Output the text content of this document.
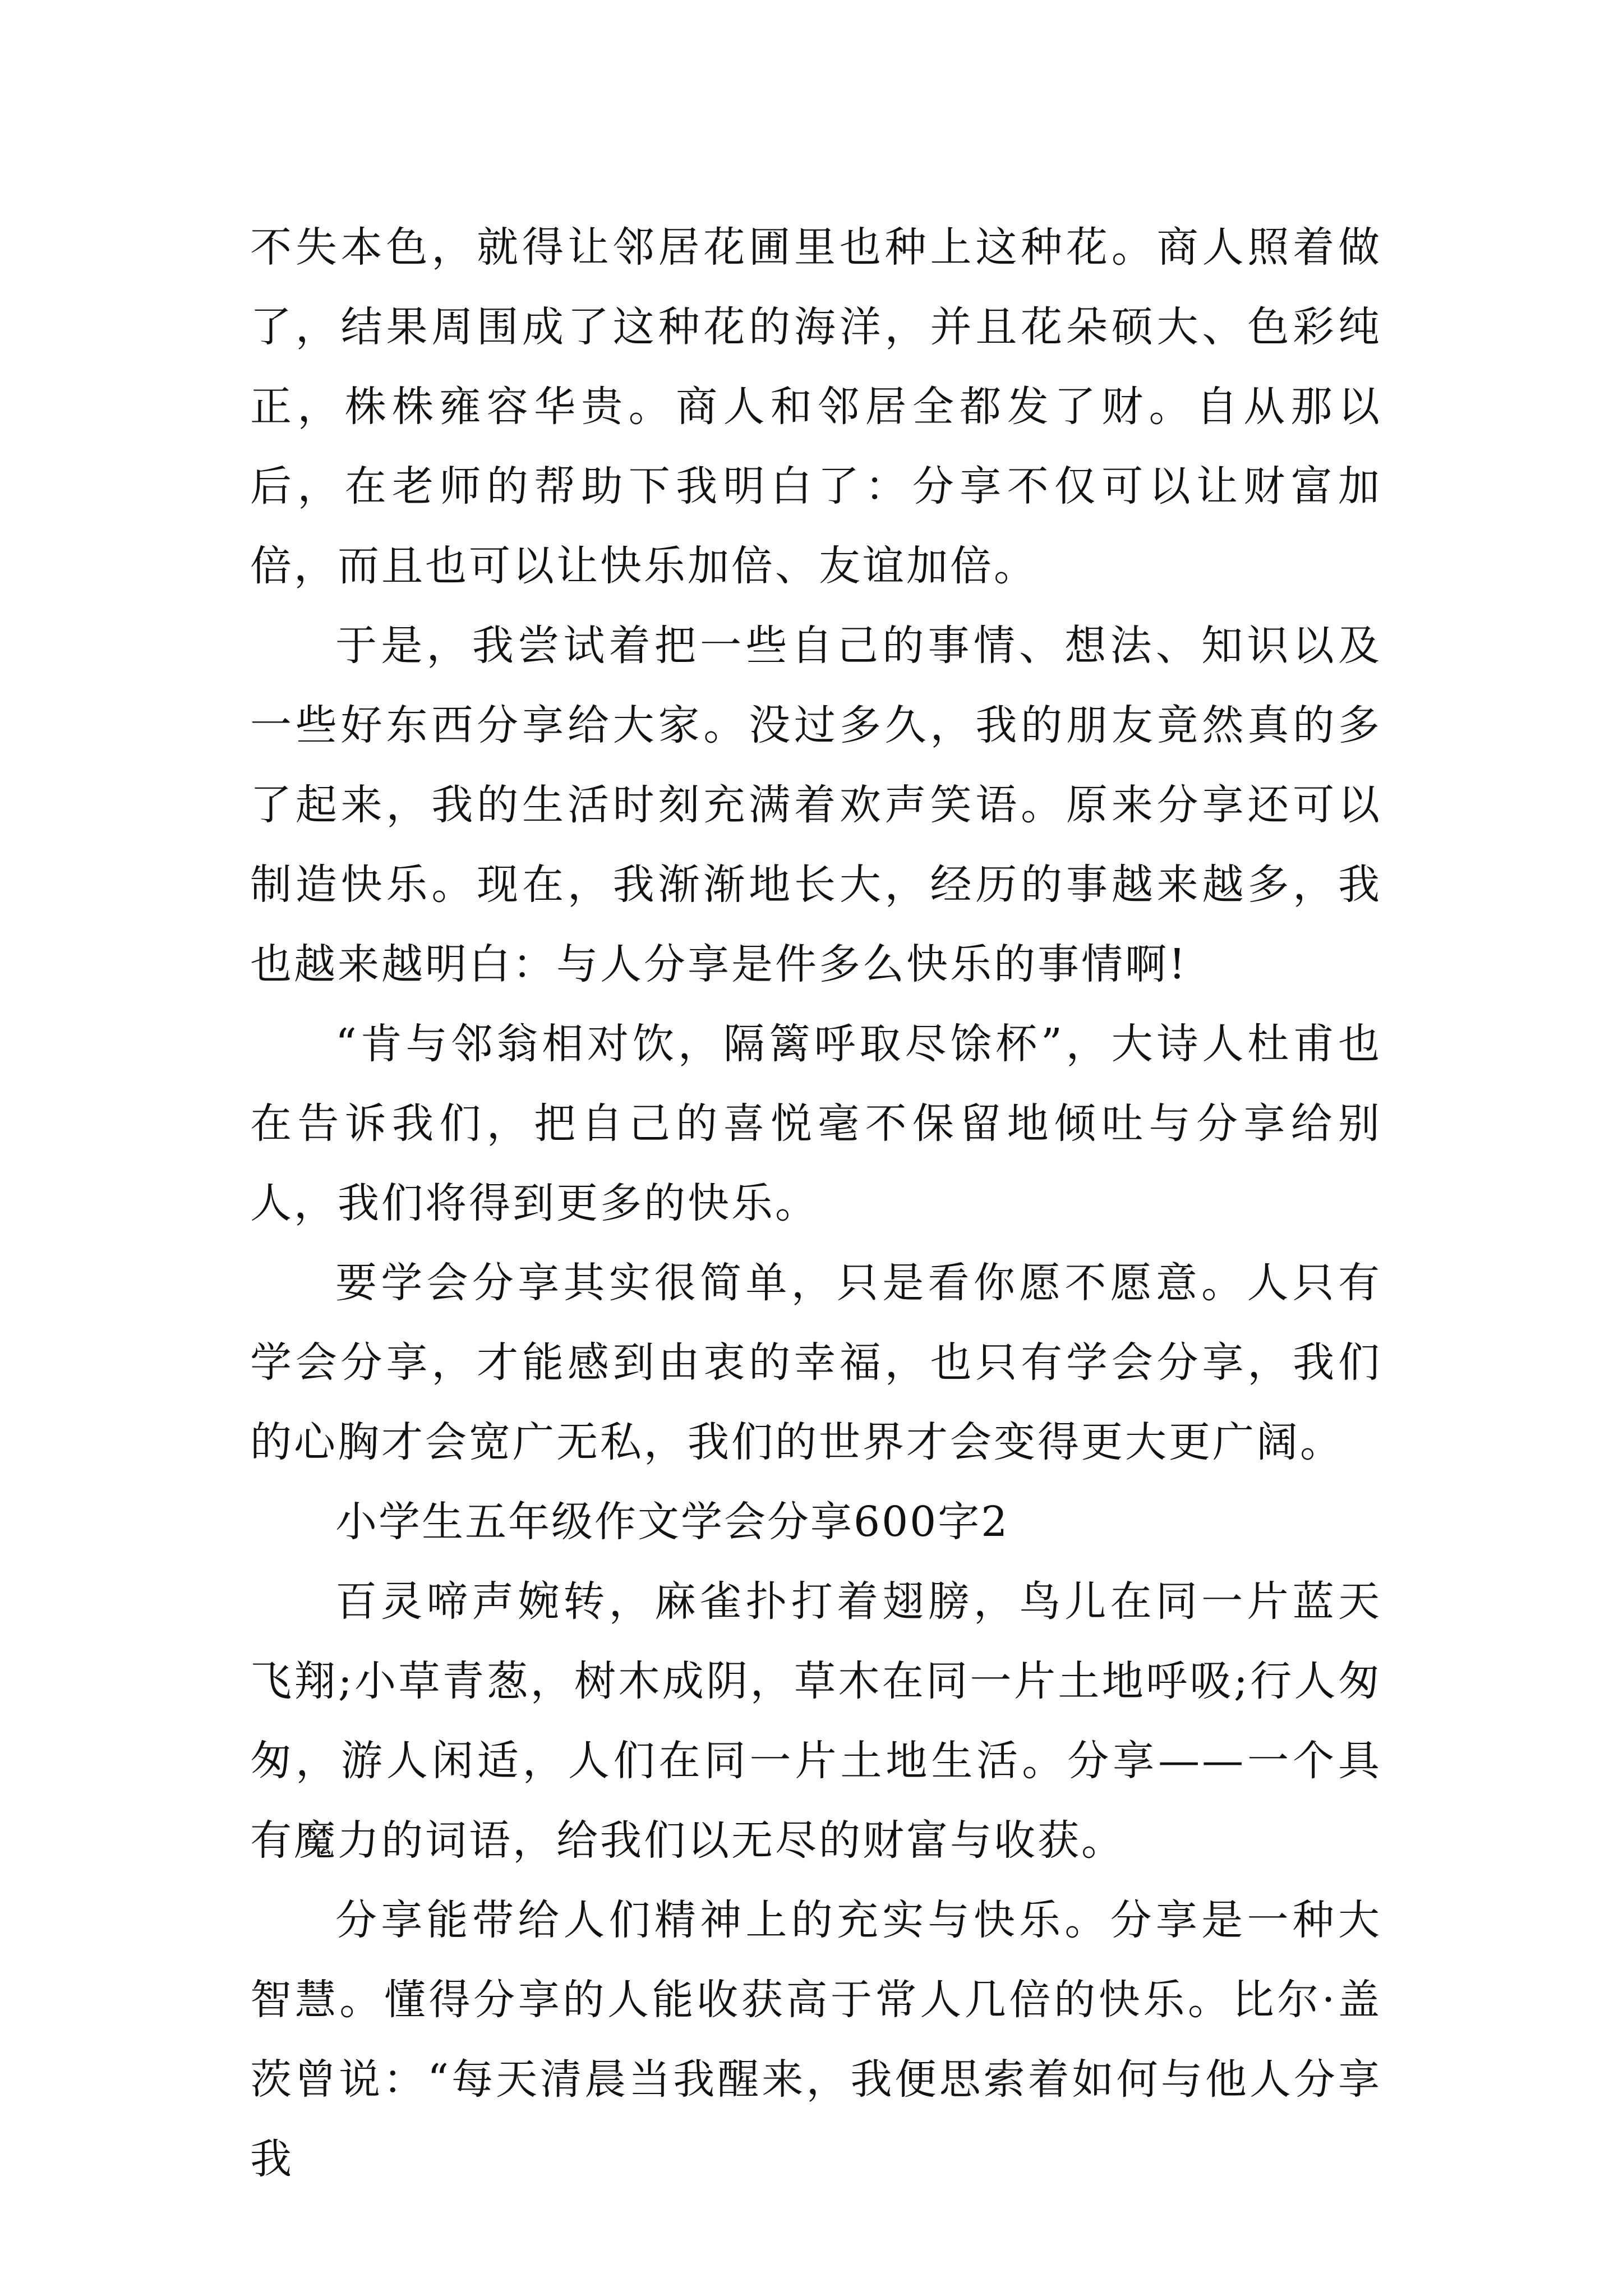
不失本色，就得让邻居花圃里也种上这种花。商人照着做了，结果周围成了这种花的海洋，并且花朵硕大、色彩纯正，株株雍容华贵。商人和邻居全都发了财。自从那以后，在老师的帮助下我明白了：分享不仅可以让财富加倍，而且也可以让快乐加倍、友谊加倍。

于是，我尝试着把一些自己的事情、想法、知识以及一些好东西分享给大家。没过多久，我的朋友竟然真的多了起来，我的生活时刻充满着欢声笑语。原来分享还可以制造快乐。现在，我渐渐地长大，经历的事越来越多，我也越来越明白：与人分享是件多么快乐的事情啊!

“肯与邻翁相对饮，隔篱呼取尽馀杯”，大诗人杜甫也在告诉我们，把自己的喜悦毫不保留地倾吐与分享给别人，我们将得到更多的快乐。

要学会分享其实很简单，只是看你愿不愿意。人只有学会分享，才能感到由衷的幸福，也只有学会分享，我们的心胸才会宽广无私，我们的世界才会变得更大更广阔。

小学生五年级作文学会分享600字2

百灵啼声婉转，麻雀扑打着翅膀，鸟儿在同一片蓝天飞翔;小草青葱，树木成阴，草木在同一片土地呼吸;行人匆匆，游人闲适，人们在同一片土地生活。分享——一个具有魔力的词语，给我们以无尽的财富与收获。

分享能带给人们精神上的充实与快乐。分享是一种大智慧。懂得分享的人能收获高于常人几倍的快乐。比尔·盖茨曾说：“每天清晨当我醒来，我便思索着如何与他人分享我
